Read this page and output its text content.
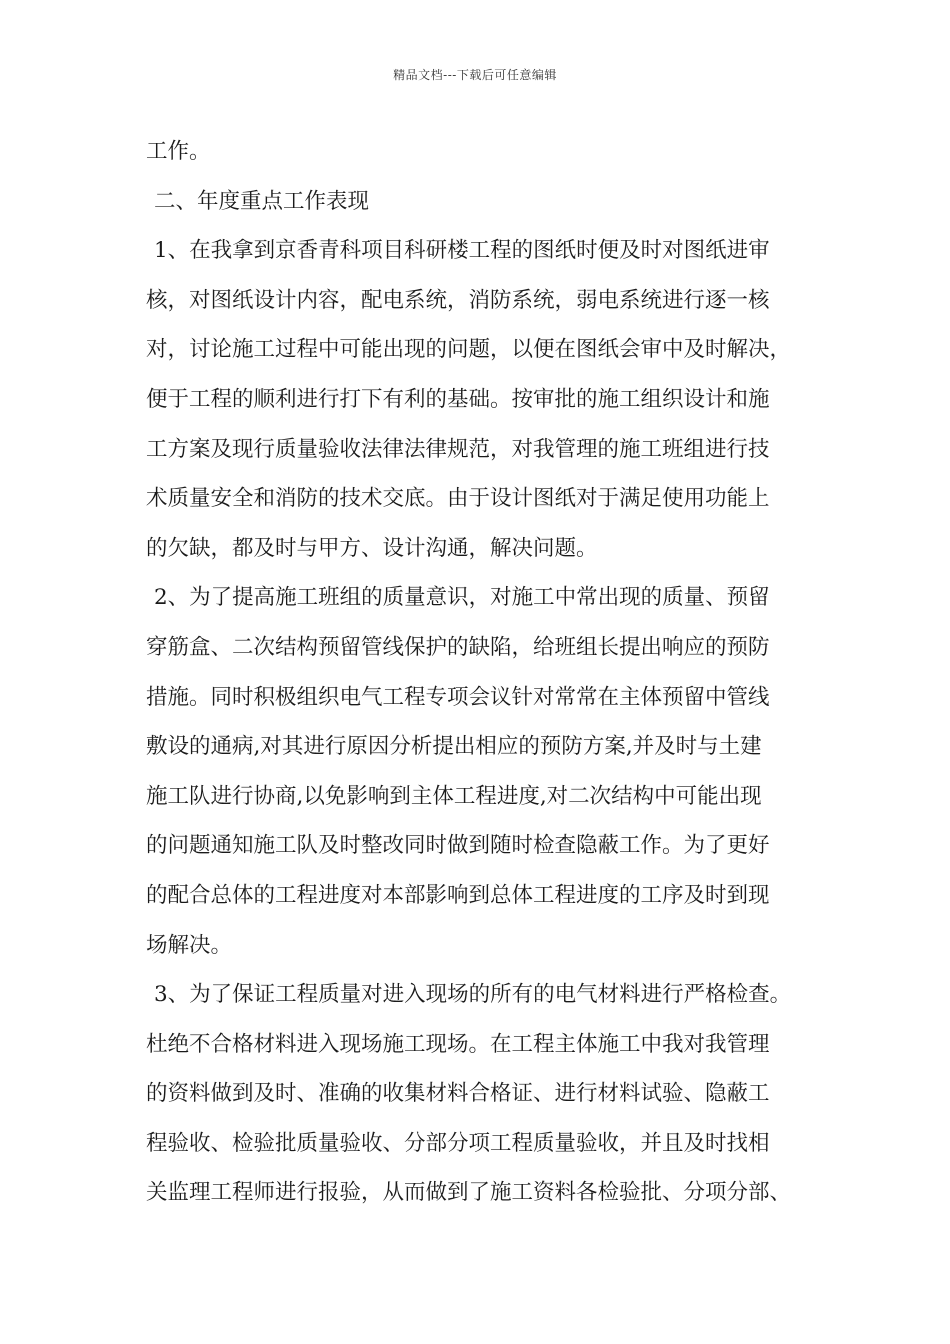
精品文档---下载后可任意编辑
工作。
二、年度重点工作表现
1、在我拿到京香青科项目科研楼工程的图纸时便及时对图纸进审
核，对图纸设计内容，配电系统，消防系统，弱电系统进行逐一核
对，讨论施工过程中可能出现的问题，以便在图纸会审中及时解决，
便于工程的顺利进行打下有利的基础。按审批的施工组织设计和施
工方案及现行质量验收法律法律规范，对我管理的施工班组进行技
术质量安全和消防的技术交底。由于设计图纸对于满足使用功能上
的欠缺，都及时与甲方、设计沟通，解决问题。
2、为了提高施工班组的质量意识，对施工中常出现的质量、预留
穿筋盒、二次结构预留管线保护的缺陷，给班组长提出响应的预防
措施。同时积极组织电气工程专项会议针对常常在主体预留中管线
敷设的通病,对其进行原因分析提出相应的预防方案,并及时与土建
施工队进行协商,以免影响到主体工程进度,对二次结构中可能出现
的问题通知施工队及时整改同时做到随时检查隐蔽工作。为了更好
的配合总体的工程进度对本部影响到总体工程进度的工序及时到现
场解决。
3、为了保证工程质量对进入现场的所有的电气材料进行严格检查。
杜绝不合格材料进入现场施工现场。在工程主体施工中我对我管理
的资料做到及时、准确的收集材料合格证、进行材料试验、隐蔽工
程验收、检验批质量验收、分部分项工程质量验收，并且及时找相
关监理工程师进行报验，从而做到了施工资料各检验批、分项分部、
